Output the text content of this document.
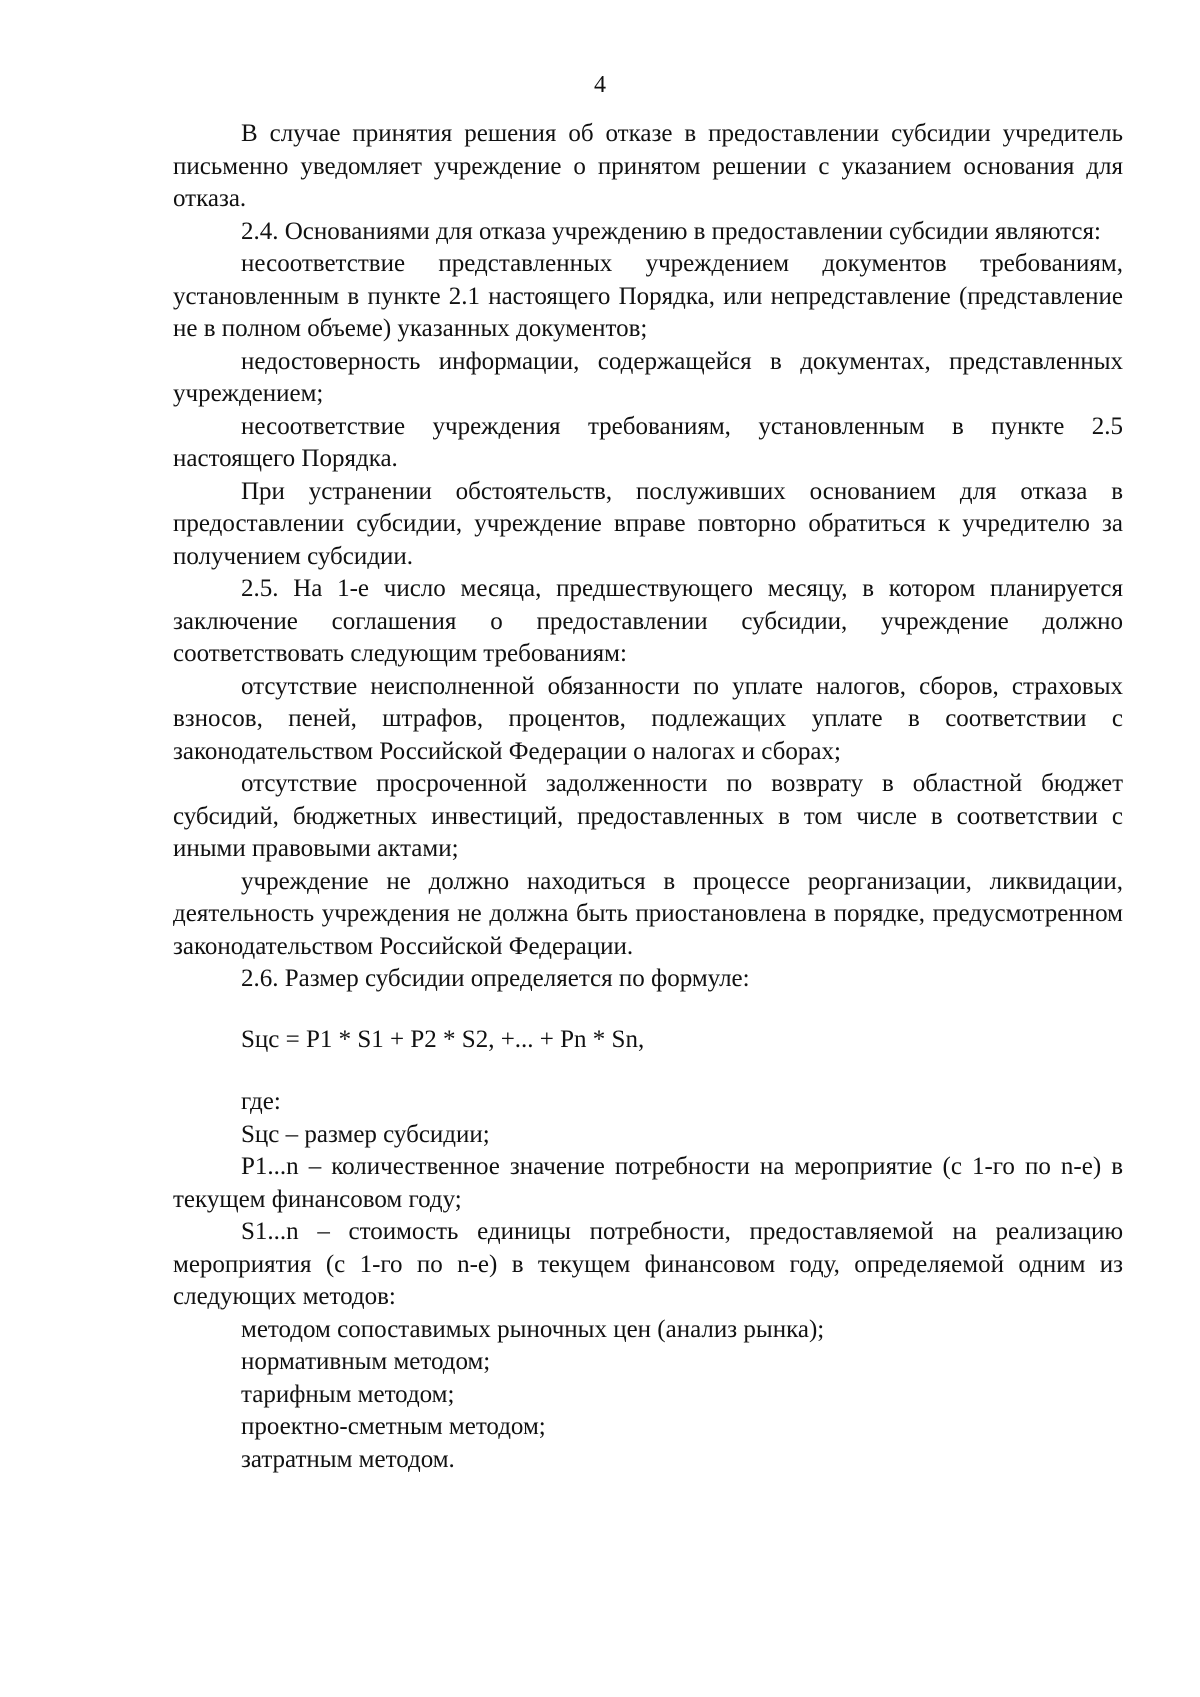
4

В случае принятия решения об отказе в предоставлении субсидии учредитель письменно уведомляет учреждение о принятом решении с указанием основания для отказа.

2.4. Основаниями для отказа учреждению в предоставлении субсидии являются:

несоответствие представленных учреждением документов требованиям, установленным в пункте 2.1 настоящего Порядка, или непредставление (представление не в полном объеме) указанных документов;

недостоверность информации, содержащейся в документах, представленных учреждением;

несоответствие учреждения требованиям, установленным в пункте 2.5 настоящего Порядка.

При устранении обстоятельств, послуживших основанием для отказа в предоставлении субсидии, учреждение вправе повторно обратиться к учредителю за получением субсидии.

2.5. На 1-е число месяца, предшествующего месяцу, в котором планируется заключение соглашения о предоставлении субсидии, учреждение должно соответствовать следующим требованиям:

отсутствие неисполненной обязанности по уплате налогов, сборов, страховых взносов, пеней, штрафов, процентов, подлежащих уплате в соответствии с законодательством Российской Федерации о налогах и сборах;

отсутствие просроченной задолженности по возврату в областной бюджет субсидий, бюджетных инвестиций, предоставленных в том числе в соответствии с иными правовыми актами;

учреждение не должно находиться в процессе реорганизации, ликвидации, деятельность учреждения не должна быть приостановлена в порядке, предусмотренном законодательством Российской Федерации.

2.6. Размер субсидии определяется по формуле:

Sцс = P1 * S1 + P2 * S2, +... + Pn * Sn,

где:

Sцс – размер субсидии;

P1...n – количественное значение потребности на мероприятие (с 1-го по n-е) в текущем финансовом году;

S1...n – стоимость единицы потребности, предоставляемой на реализацию мероприятия (с 1-го по n-е) в текущем финансовом году, определяемой одним из следующих методов:

методом сопоставимых рыночных цен (анализ рынка);

нормативным методом;

тарифным методом;

проектно-сметным методом;

затратным методом.
